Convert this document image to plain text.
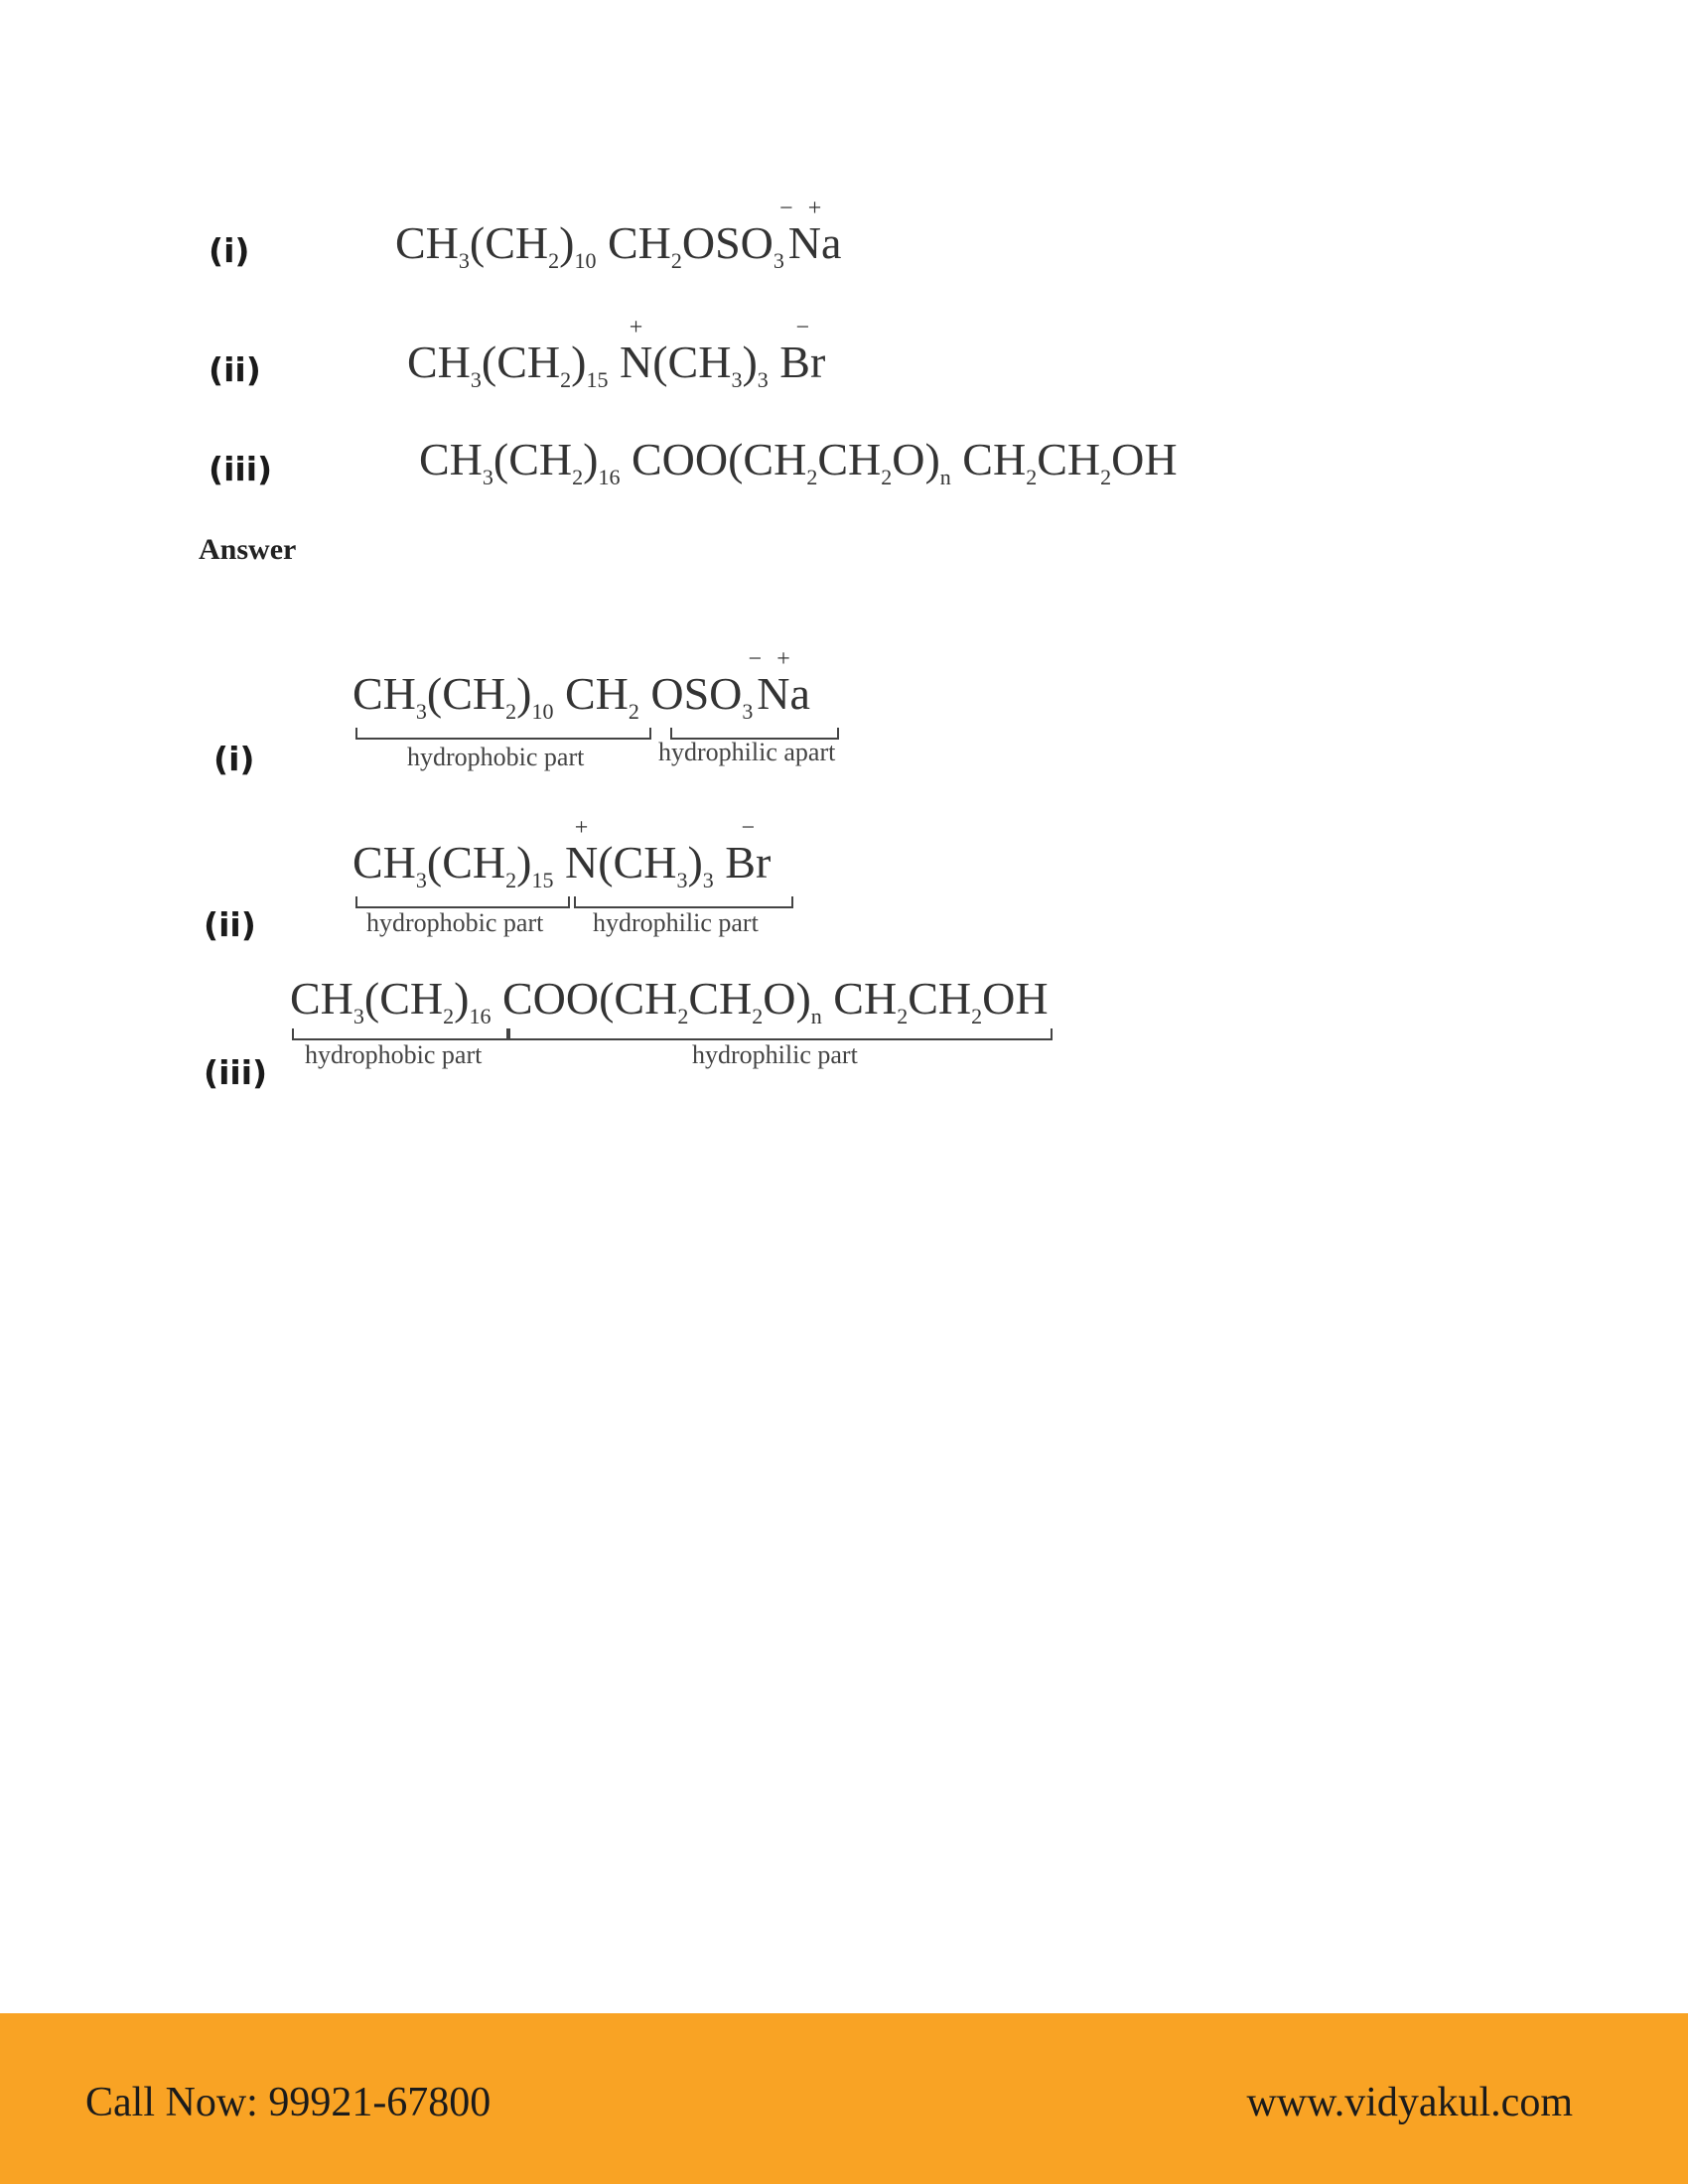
(i)	$CH_3(CH_2)_{10}$ $CH_2OSO_3$
−
  +
Na
(ii)	$CH_3(CH_2)_{15}$
+
$N(CH_3)_3$
−
Br
(iii)	$CH_3(CH_2)_{16}$ $COO(CH_2CH_2O)_n$ $CH_2CH_2OH$
Answer
(i)
$CH_3(CH_2)_{10}$ $CH_2$ $OSO_3$
−
  +
Na
hydrophobic part	hydrophilic apart
(ii)
$CH_3(CH_2)_{15}$
+
$N(CH_3)_3$
−
Br
hydrophobic part hydrophilic part
(iii)
$CH_3(CH_2)_{16}$ $COO(CH_2CH_2O)_n$ $CH_2CH_2OH$
hydrophobic part	hydrophilic part
Call Now: 99921-67800	www.vidyakul.com
